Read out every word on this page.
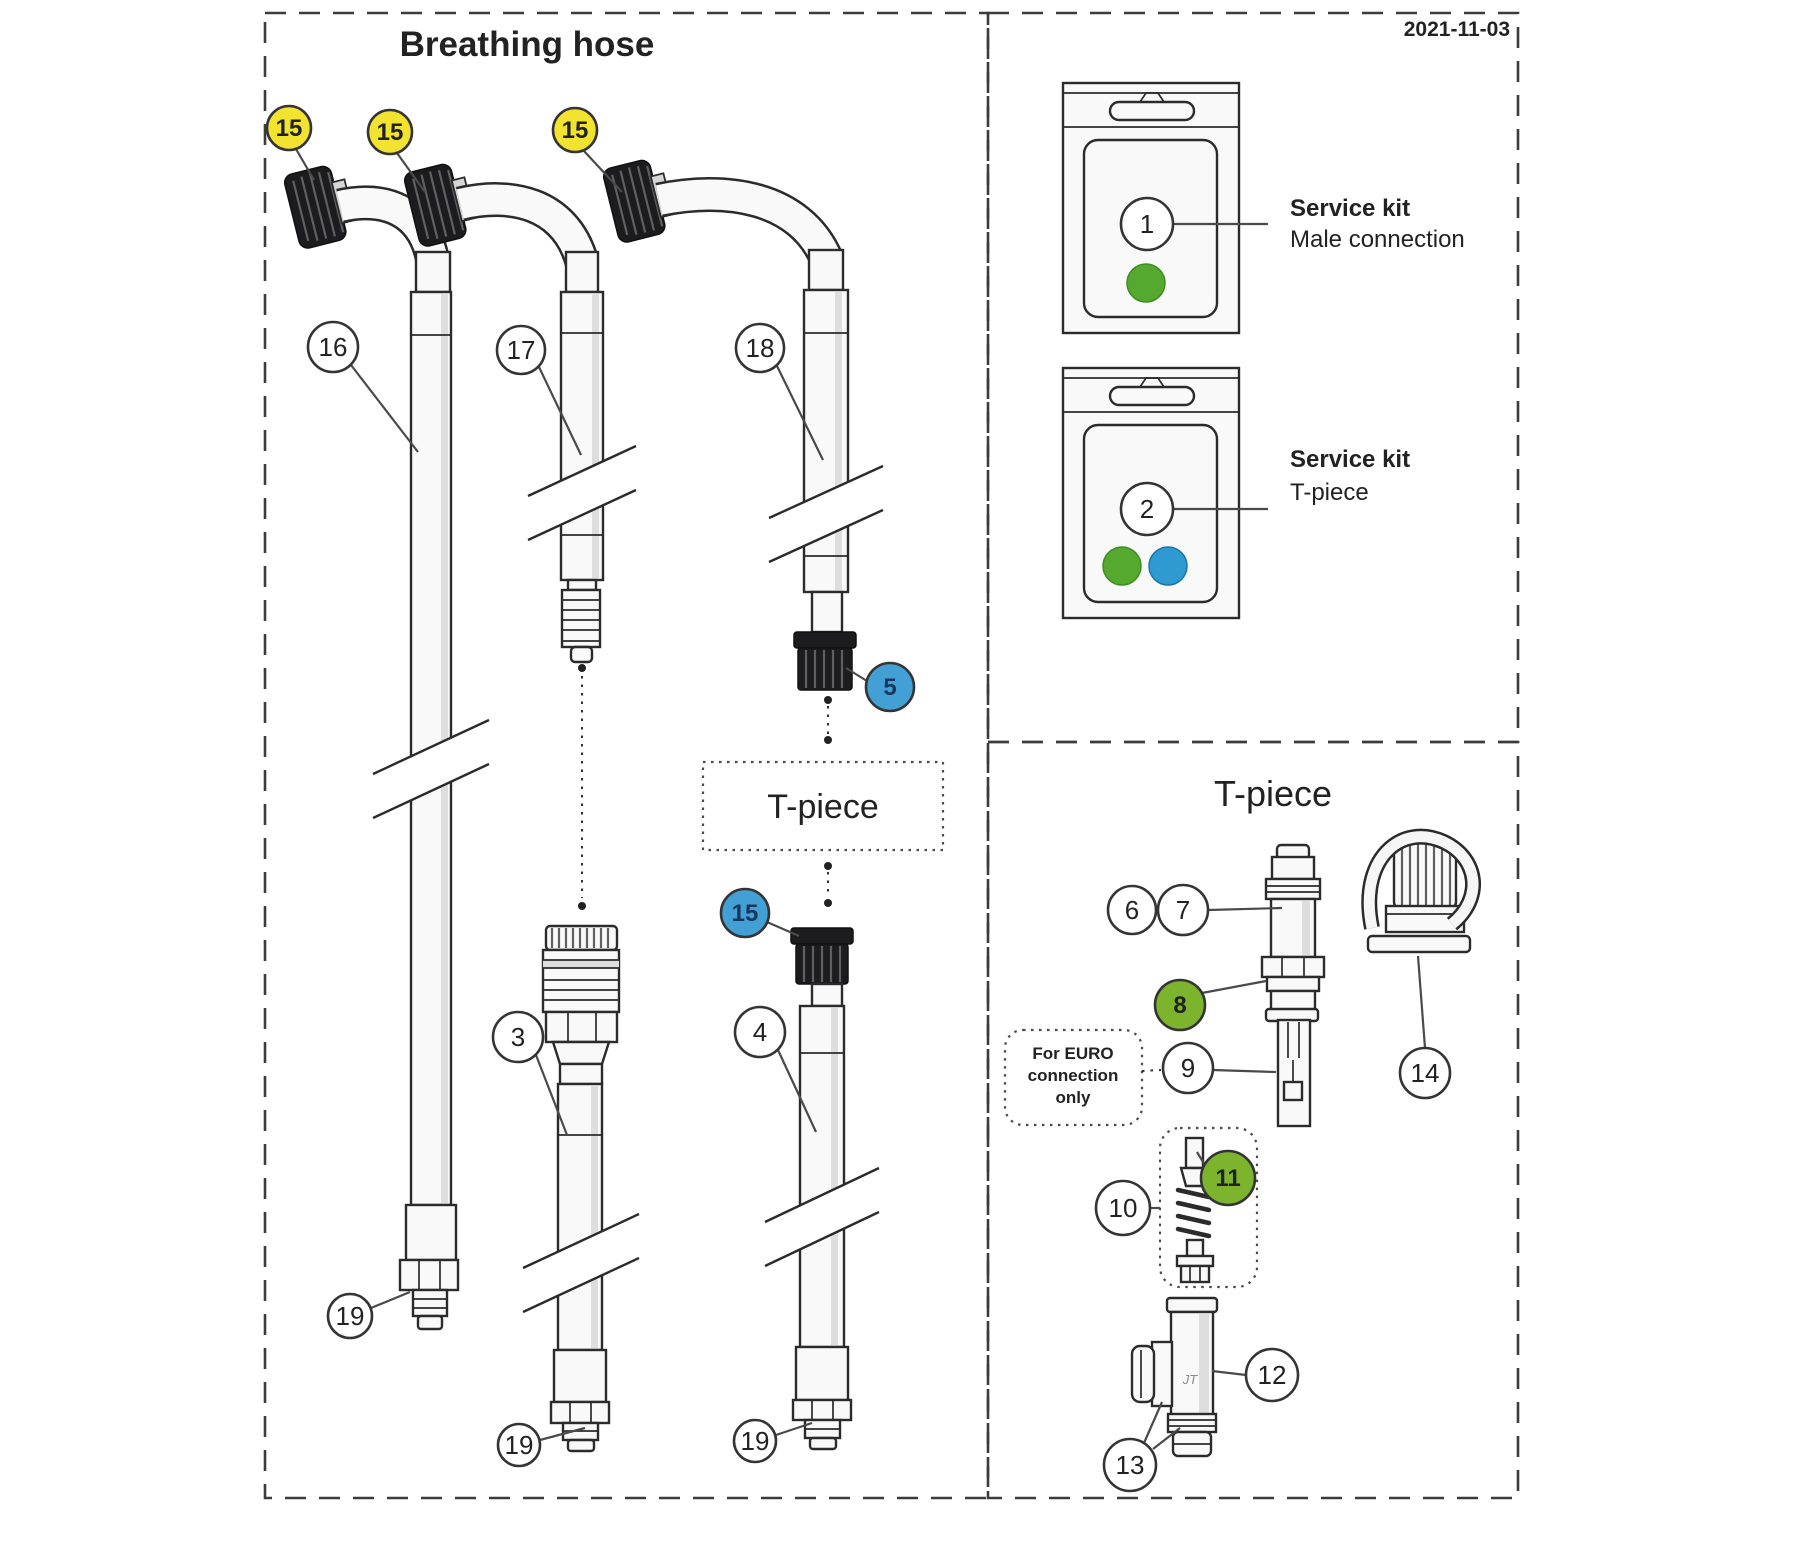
Breathing hose	2021-11-03
T-piece
T-piece
1
Service kit
Male connection
2
Service kit
T-piece
For EURO
connection
only
JT
15	15	15
16	17	18
3	4
5
15
19
19	19
6 7
8
9
10
11
12
13
14
